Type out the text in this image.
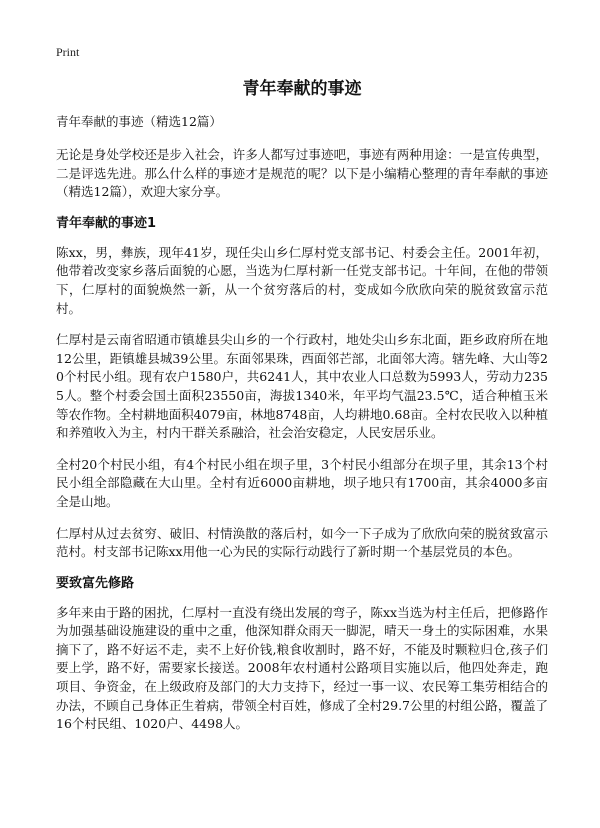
Print
青年奉献的事迹

青年奉献的事迹（精选12篇）

无论是身处学校还是步入社会，许多人都写过事迹吧，事迹有两种用途：一是宣传典型，二是评选先进。那么什么样的事迹才是规范的呢？以下是小编精心整理的青年奉献的事迹（精选12篇），欢迎大家分享。

青年奉献的事迹1

陈xx，男，彝族，现年41岁，现任尖山乡仁厚村党支部书记、村委会主任。2001年初，他带着改变家乡落后面貌的心愿，当选为仁厚村新一任党支部书记。十年间，在他的带领下，仁厚村的面貌焕然一新，从一个贫穷落后的村，变成如今欣欣向荣的脱贫致富示范村。

仁厚村是云南省昭通市镇雄县尖山乡的一个行政村，地处尖山乡东北面，距乡政府所在地12公里，距镇雄县城39公里。东面邻果珠，西面邻芒部，北面邻大湾。辖先峰、大山等20个村民小组。现有农户1580户，共6241人，其中农业人口总数为5993人，劳动力2355人。整个村委会国土面积23550亩，海拔1340米，年平均气温23.5℃，适合种植玉米等农作物。全村耕地面积4079亩，林地8748亩，人均耕地0.68亩。全村农民收入以种植和养殖收入为主，村内干群关系融洽，社会治安稳定，人民安居乐业。

全村20个村民小组，有4个村民小组在坝子里，3个村民小组部分在坝子里，其余13个村民小组全部隐藏在大山里。全村有近6000亩耕地，坝子地只有1700亩，其余4000多亩全是山地。

仁厚村从过去贫穷、破旧、村情涣散的落后村，如今一下子成为了欣欣向荣的脱贫致富示范村。村支部书记陈xx用他一心为民的实际行动践行了新时期一个基层党员的本色。

要致富先修路

多年来由于路的困扰，仁厚村一直没有绕出发展的弯子，陈xx当选为村主任后，把修路作为加强基础设施建设的重中之重，他深知群众雨天一脚泥，晴天一身土的实际困难，水果摘下了，路不好运不走，卖不上好价钱,粮食收割时，路不好，不能及时颗粒归仓,孩子们要上学，路不好，需要家长接送。2008年农村通村公路项目实施以后，他四处奔走，跑项目、争资金，在上级政府及部门的大力支持下，经过一事一议、农民筹工集劳相结合的办法，不顾自己身体正生着病，带领全村百姓，修成了全村29.7公里的村组公路，覆盖了16个村民组、1020户、4498人。
